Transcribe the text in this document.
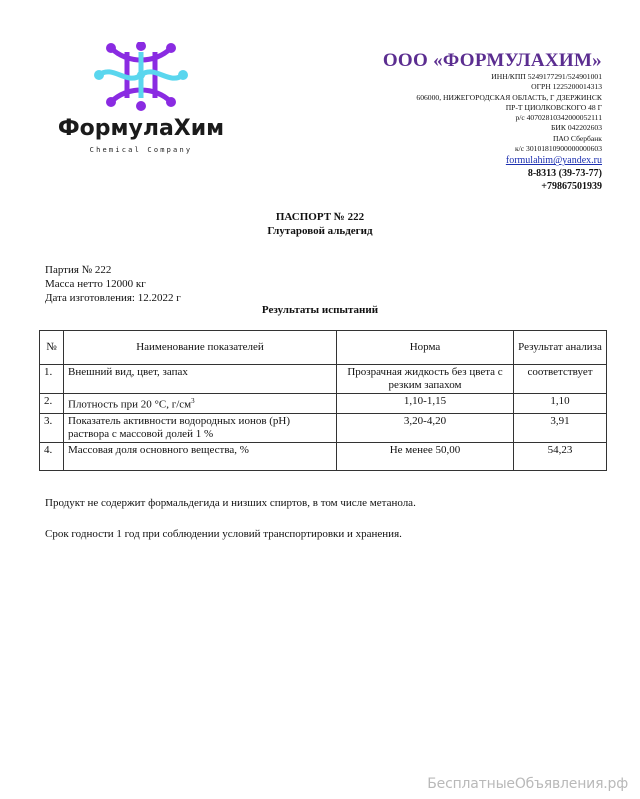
ФормулаХим
Chemical Company
ООО «ФОРМУЛАХИМ»
ИНН/КПП 5249177291/524901001
ОГРН 1225200014313
606000, НИЖЕГОРОДСКАЯ ОБЛАСТЬ, Г ДЗЕРЖИНСК
ПР-Т ЦИОЛКОВСКОГО 48 Г
р/с 40702810342000052111
БИК 042202603
ПАО Сбербанк
к/с 30101810900000000603
formulahim@yandex.ru
8-8313 (39-73-77)
+79867501939
ПАСПОРТ № 222
Глутаровой альдегид
Партия № 222
Масса нетто 12000 кг
Дата изготовления: 12.2022 г
Результаты испытаний
№	Наименование показателей	Норма	Результат анализа
1.	Внешний вид, цвет, запах	Прозрачная жидкость без цвета с резким запахом	соответствует
2.	Плотность при 20 °С, $г/см^3$	1,10-1,15	1,10
3.	Показатель активности водородных ионов (рН) раствора с массовой долей 1 %	3,20-4,20	3,91
4.	Массовая доля основного вещества, %	Не менее 50,00	54,23
Продукт не содержит формальдегида и низших спиртов, в том числе метанола.
Срок годности 1 год при соблюдении условий транспортировки и хранения.
БесплатныеОбъявления.рф
